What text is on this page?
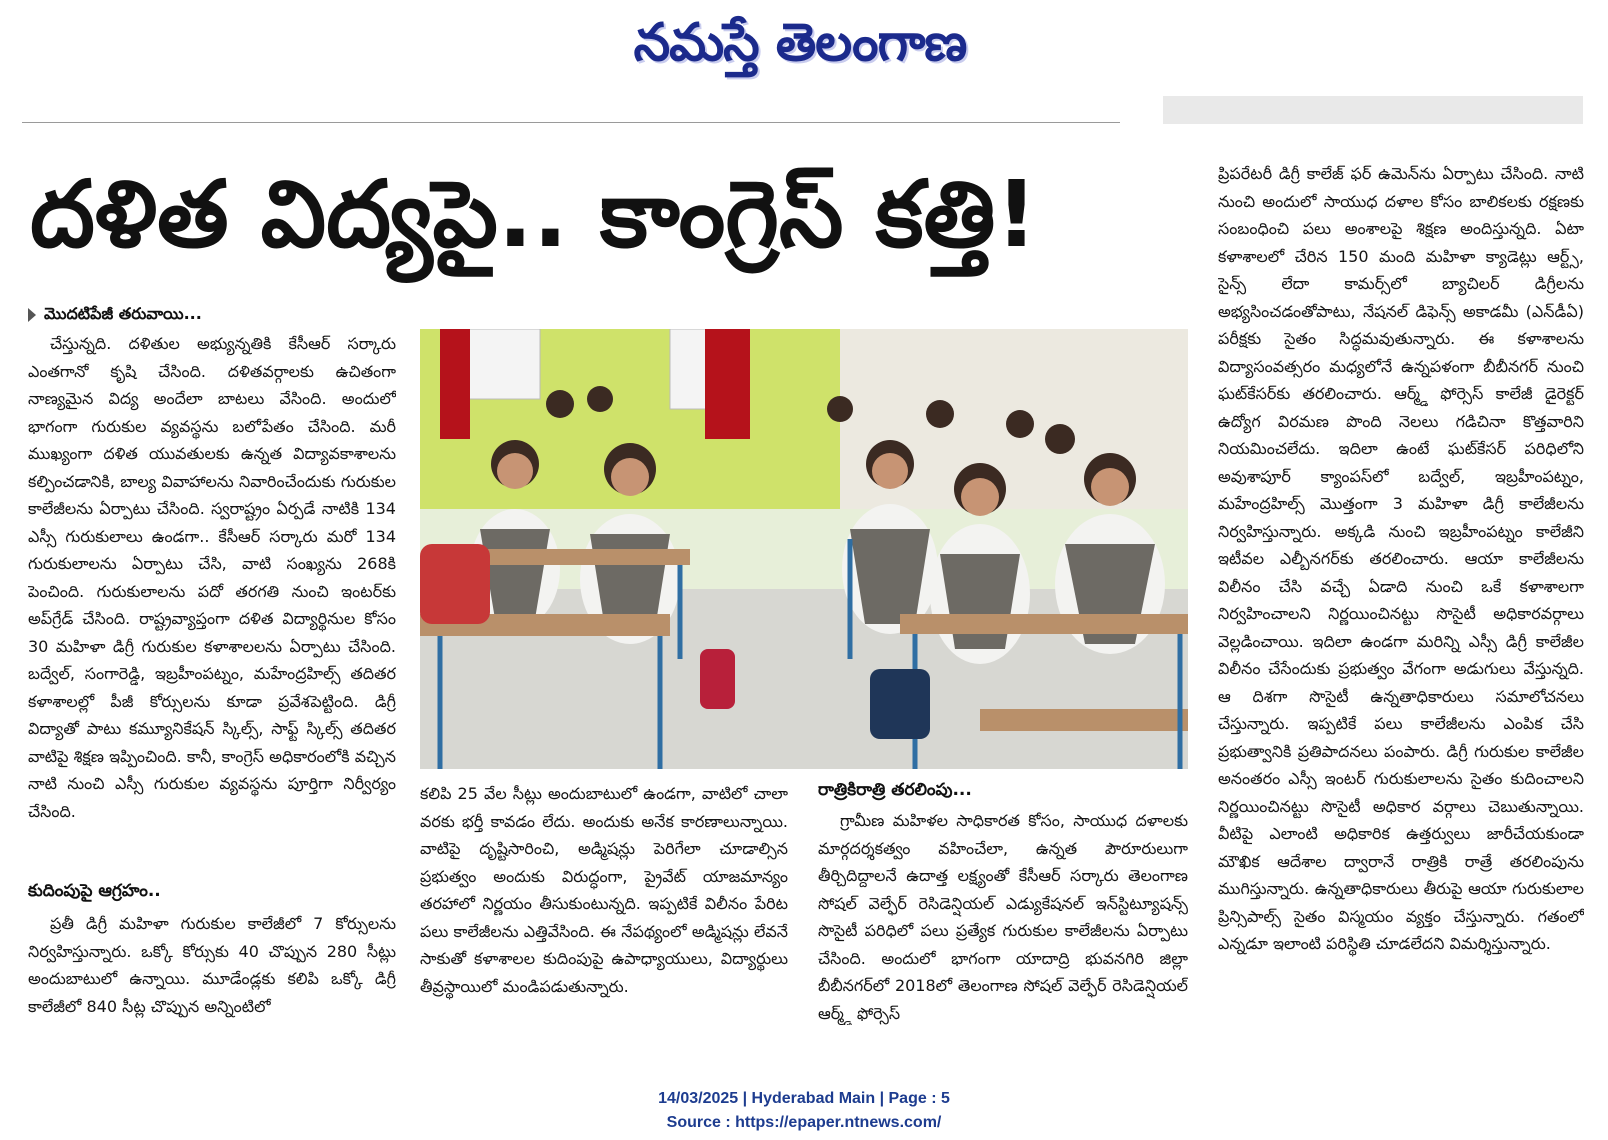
నమస్తే తెలంగాణ
దళిత విద్యపై.. కాంగ్రెస్ కత్తి!
మొదటిపేజీ తరువాయి...

చేస్తున్నది. దళితుల అభ్యున్నతికి కేసీఆర్ సర్కారు ఎంతగానో కృషి చేసింది. దళితవర్గాలకు ఉచితంగా నాణ్యమైన విద్య అందేలా బాటలు వేసింది. అందులో భాగంగా గురుకుల వ్యవస్థను బలోపేతం చేసింది. మరీ ముఖ్యంగా దళిత యువతులకు ఉన్నత విద్యావకాశాలను కల్పించడానికి, బాల్య వివాహాలను నివారించేందుకు గురుకుల కాలేజీలను ఏర్పాటు చేసింది. స్వరాష్ట్రం ఏర్పడే నాటికి 134 ఎస్సీ గురుకులాలు ఉండగా.. కేసీఆర్ సర్కారు మరో 134 గురుకులాలను ఏర్పాటు చేసి, వాటి సంఖ్యను 268కి పెంచింది. గురుకులాలను పదో తరగతి నుంచి ఇంటర్‌కు అప్‌గ్రేడ్ చేసింది. రాష్ట్రవ్యాప్తంగా దళిత విద్యార్థినుల కోసం 30 మహిళా డిగ్రీ గురుకుల కళాశాలలను ఏర్పాటు చేసింది. బద్వేల్, సంగారెడ్డి, ఇబ్రహీంపట్నం, మహేంద్రహిల్స్ తదితర కళాశాలల్లో పీజీ కోర్సులను కూడా ప్రవేశపెట్టింది. డిగ్రీ విద్యాతో పాటు కమ్యూనికేషన్ స్కిల్స్, సాఫ్ట్ స్కిల్స్ తదితర వాటిపై శిక్షణ ఇప్పించింది. కానీ, కాంగ్రెస్ అధికారంలోకి వచ్చిన నాటి నుంచి ఎస్సీ గురుకుల వ్యవస్థను పూర్తిగా నిర్వీర్యం చేసింది.

కుదింపుపై ఆగ్రహం..

ప్రతీ డిగ్రీ మహిళా గురుకుల కాలేజీలో 7 కోర్సులను నిర్వహిస్తున్నారు. ఒక్కో కోర్సుకు 40 చొప్పున 280 సీట్లు అందుబాటులో ఉన్నాయి. మూడేండ్లకు కలిపి ఒక్కో డిగ్రీ కాలేజీలో 840 సీట్ల చొప్పున అన్నింటిలో

కలిపి 25 వేల సీట్లు అందుబాటులో ఉండగా, వాటిలో చాలా వరకు భర్తీ కావడం లేదు. అందుకు అనేక కారణాలున్నాయి. వాటిపై దృష్టిసారించి, అడ్మిషన్లు పెరిగేలా చూడాల్సిన ప్రభుత్వం అందుకు విరుద్ధంగా, ప్రైవేట్ యాజమాన్యం తరహాలో నిర్ణయం తీసుకుంటున్నది. ఇప్పటికే విలీనం పేరిట పలు కాలేజీలను ఎత్తివేసింది. ఈ నేపథ్యంలో అడ్మిషన్లు లేవనే సాకుతో కళాశాలల కుదింపుపై ఉపాధ్యాయులు, విద్యార్థులు తీవ్రస్థాయిలో మండిపడుతున్నారు.

రాత్రికిరాత్రి తరలింపు...

గ్రామీణ మహిళల సాధికారత కోసం, సాయుధ దళాలకు మార్గదర్శకత్వం వహించేలా, ఉన్నత పౌరూరులుగా తీర్చిదిద్దాలనే ఉదాత్త లక్ష్యంతో కేసీఆర్ సర్కారు తెలంగాణ సోషల్ వెల్ఫేర్ రెసిడెన్షియల్ ఎడ్యుకేషనల్ ఇన్‌స్టిట్యూషన్స్ సొసైటీ పరిధిలో పలు ప్రత్యేక గురుకుల కాలేజీలను ఏర్పాటు చేసింది. అందులో భాగంగా యాదాద్రి భువనగిరి జిల్లా బీబీనగర్‌లో 2018లో తెలంగాణ సోషల్ వెల్ఫేర్ రెసిడెన్షియల్ ఆర్మ్డ్ ఫోర్సెస్

ప్రిపరేటరీ డిగ్రీ కాలేజ్ ఫర్ ఉమెన్‌ను ఏర్పాటు చేసింది. నాటి నుంచి అందులో సాయుధ దళాల కోసం బాలికలకు రక్షణకు సంబంధించి పలు అంశాలపై శిక్షణ అందిస్తున్నది. ఏటా కళాశాలలో చేరిన 150 మంది మహిళా క్యాడెట్లు ఆర్ట్స్, సైన్స్ లేదా కామర్స్‌లో బ్యాచిలర్ డిగ్రీలను అభ్యసించడంతోపాటు, నేషనల్ డిఫెన్స్ అకాడమీ (ఎన్‌డీఏ) పరీక్షకు సైతం సిద్ధమవుతున్నారు. ఈ కళాశాలను విద్యాసంవత్సరం మధ్యలోనే ఉన్నపళంగా బీబీనగర్ నుంచి ఘట్‌కేసర్‌కు తరలించారు. ఆర్మ్డ్ ఫోర్సెస్ కాలేజీ డైరెక్టర్ ఉద్యోగ విరమణ పొంది నెలలు గడిచినా కొత్తవారిని నియమించలేదు. ఇదిలా ఉంటే ఘట్‌కేసర్ పరిధిలోని అవుశాపూర్ క్యాంపస్‌లో బద్వేల్, ఇబ్రహీంపట్నం, మహేంద్రహిల్స్ మొత్తంగా 3 మహిళా డిగ్రీ కాలేజీలను నిర్వహిస్తున్నారు. అక్కడి నుంచి ఇబ్రహీంపట్నం కాలేజీని ఇటీవల ఎల్బీనగర్‌కు తరలించారు. ఆయా కాలేజీలను విలీనం చేసి వచ్చే ఏడాది నుంచి ఒకే కళాశాలగా నిర్వహించాలని నిర్ణయించినట్టు సొసైటీ అధికారవర్గాలు వెల్లడించాయి. ఇదిలా ఉండగా మరిన్ని ఎస్సీ డిగ్రీ కాలేజీల విలీనం చేసేందుకు ప్రభుత్వం వేగంగా అడుగులు వేస్తున్నది. ఆ దిశగా సొసైటీ ఉన్నతాధికారులు సమాలోచనలు చేస్తున్నారు. ఇప్పటికే పలు కాలేజీలను ఎంపిక చేసి ప్రభుత్వానికి ప్రతిపాదనలు పంపారు. డిగ్రీ గురుకుల కాలేజీల అనంతరం ఎస్సీ ఇంటర్ గురుకులాలను సైతం కుదించాలని నిర్ణయించినట్టు సొసైటీ అధికార వర్గాలు చెబుతున్నాయి. వీటిపై ఎలాంటి అధికారిక ఉత్తర్వులు జారీచేయకుండా మౌఖిక ఆదేశాల ద్వారానే రాత్రికి రాత్రే తరలింపును ముగిస్తున్నారు. ఉన్నతాధికారులు తీరుపై ఆయా గురుకులాల ప్రిన్సిపాల్స్ సైతం విస్మయం వ్యక్తం చేస్తున్నారు. గతంలో ఎన్నడూ ఇలాంటి పరిస్థితి చూడలేదని విమర్శిస్తున్నారు.

14/03/2025 | Hyderabad Main | Page : 5
Source : https://epaper.ntnews.com/
